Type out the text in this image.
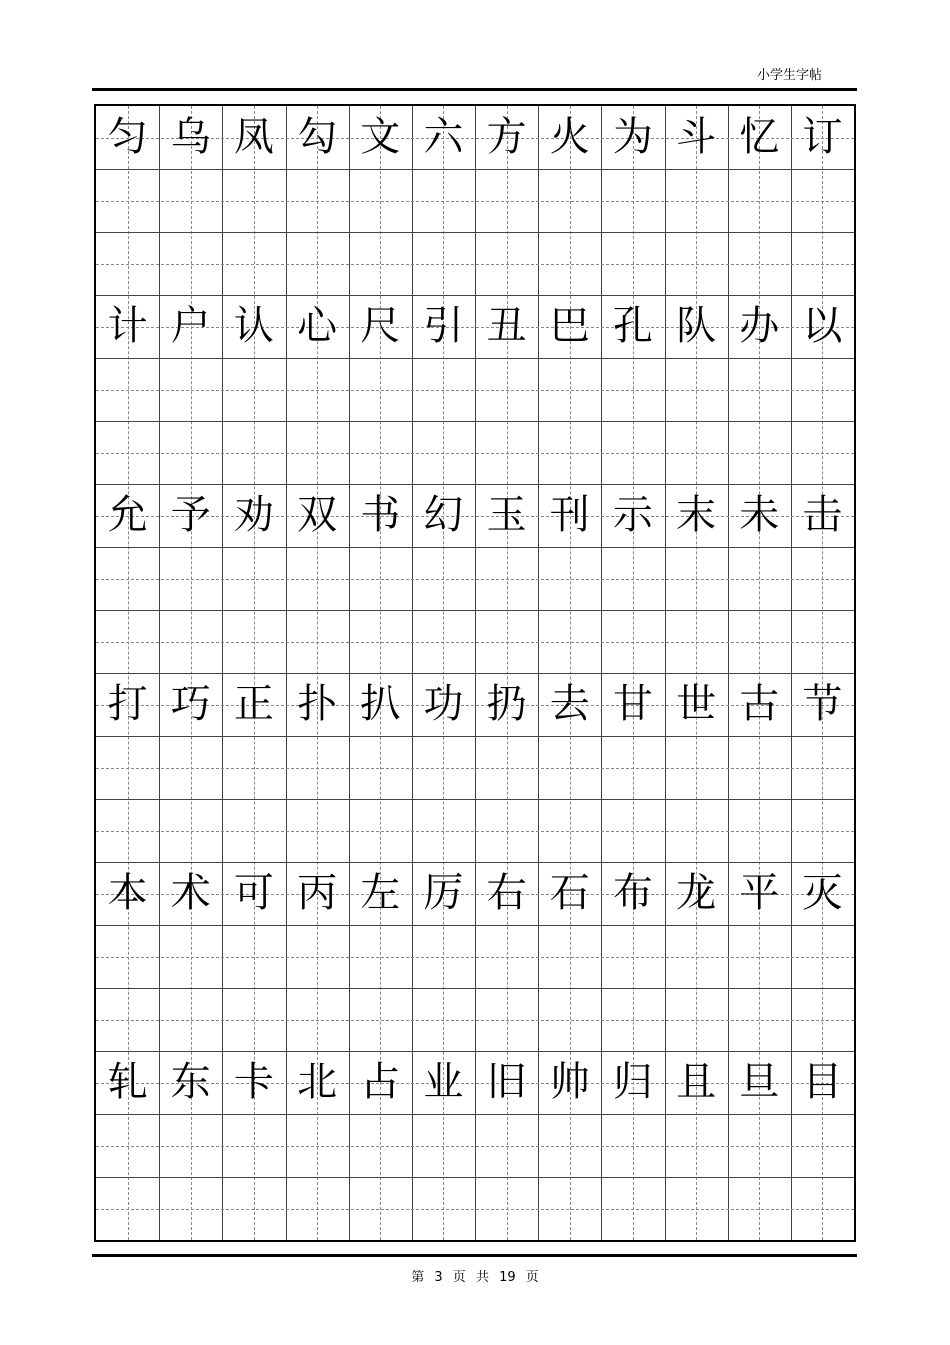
小学生字帖
匀 乌 凤 勾 文 六 方 火 为 斗 忆 订
计 户 认 心 尺 引 丑 巴 孔 队 办 以
允 予 劝 双 书 幻 玉 刊 示 末 未 击
打 巧 正 扑 扒 功 扔 去 甘 世 古 节
本 术 可 丙 左 厉 右 石 布 龙 平 灭
轧 东 卡 北 占 业 旧 帅 归 且 旦 目
第 3 页 共 19 页
